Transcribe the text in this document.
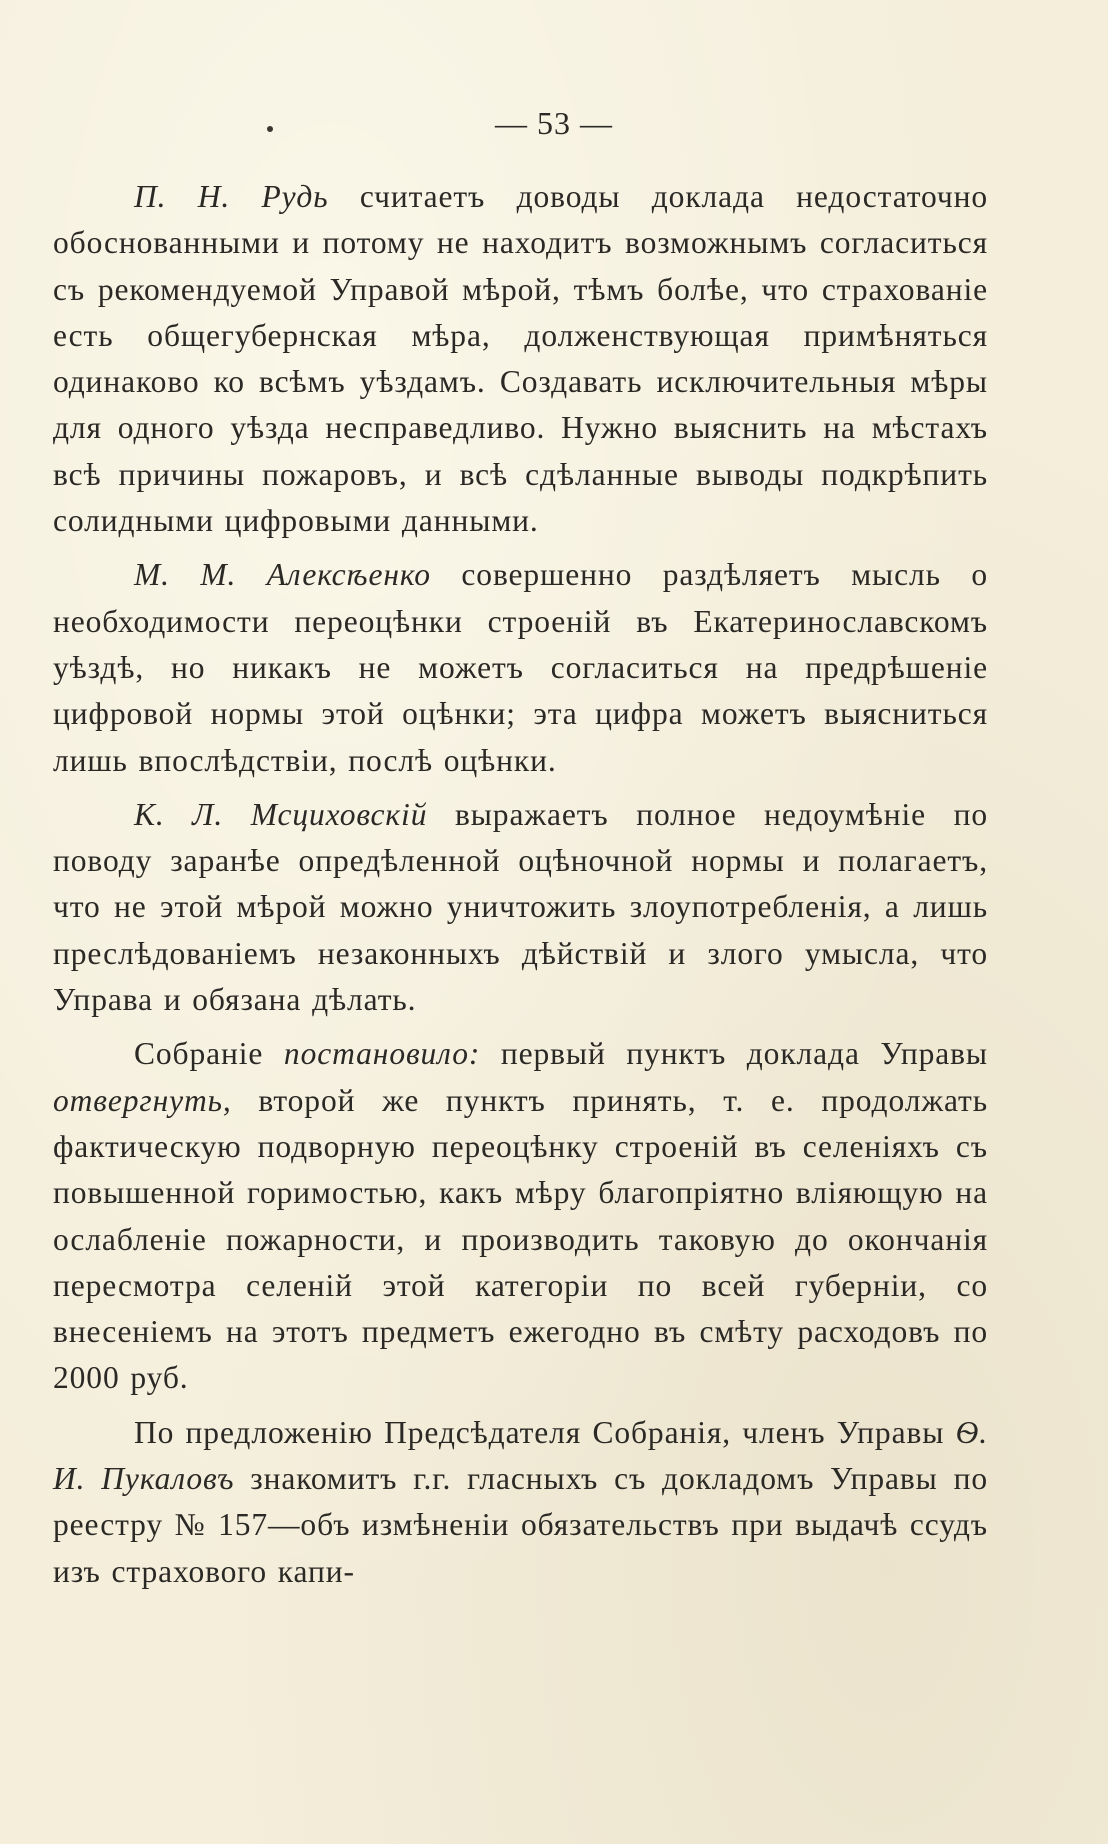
— 53 —

П. Н. Рудь считаетъ доводы доклада недостаточно обоснованными и потому не находитъ возможнымъ согласиться съ рекомендуемой Управой мѣрой, тѣмъ болѣе, что страхованіе есть общегубернская мѣра, долженствующая примѣняться одинаково ко всѣмъ уѣздамъ. Создавать исключительныя мѣры для одного уѣзда несправедливо. Нужно выяснить на мѣстахъ всѣ причины пожаровъ, и всѣ сдѣланные выводы подкрѣпить солидными цифровыми данными.

М. М. Алексѣенко совершенно раздѣляетъ мысль о необходимости переоцѣнки строеній въ Екатеринославскомъ уѣздѣ, но никакъ не можетъ согласиться на предрѣшеніе цифровой нормы этой оцѣнки; эта цифра можетъ выясниться лишь впослѣдствіи, послѣ оцѣнки.

К. Л. Мсциховскій выражаетъ полное недоумѣніе по поводу заранѣе опредѣленной оцѣночной нормы и полагаетъ, что не этой мѣрой можно уничтожить злоупотребленія, а лишь преслѣдованіемъ незаконныхъ дѣйствій и злого умысла, что Управа и обязана дѣлать.

Собраніе постановило: первый пунктъ доклада Управы отвергнуть, второй же пунктъ принять, т. е. продолжать фактическую подворную переоцѣнку строеній въ селеніяхъ съ повышенной горимостью, какъ мѣру благопріятно вліяющую на ослабленіе пожарности, и производить таковую до окончанія пересмотра селеній этой категоріи по всей губерніи, со внесеніемъ на этотъ предметъ ежегодно въ смѣту расходовъ по 2000 руб.

По предложенію Предсѣдателя Собранія, членъ Управы Ѳ. И. Пукаловъ знакомитъ г.г. гласныхъ съ докладомъ Управы по реестру № 157—объ измѣненіи обязательствъ при выдачѣ ссудъ изъ страхового капи-
